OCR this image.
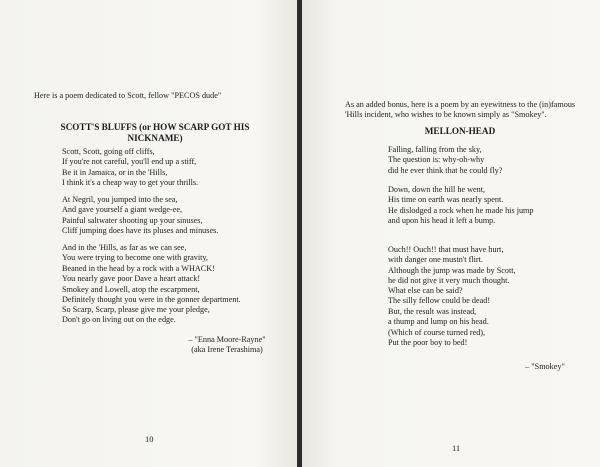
Here is a poem dedicated to Scott, fellow "PECOS dude"

SCOTT'S BLUFFS (or HOW SCARP GOT HIS NICKNAME)

Scott, Scott, going off cliffs,
If you're not careful, you'll end up a stiff,
Be it in Jamaica, or in the 'Hills,
I think it's a cheap way to get your thrills.
At Negril, you jumped into the sea,
And gave yourself a giant wedge-ee,
Painful saltwater shooting up your sinuses,
Cliff jumping does have its pluses and minuses.
And in the 'Hills, as far as we can see,
You were trying to become one with gravity,
Beaned in the head by a rock with a WHACK!
You nearly gave poor Dave a heart attack!
Smokey and Lowell, atop the escarpment,
Definitely thought you were in the gonner department.
So Scarp, Scarp, please give me your pledge,
Don't go on living out on the edge.
– "Enna Moore-Rayne"
(aka Irene Terashima)
10

As an added bonus, here is a poem by an eyewitness to the (in)famous 'Hills incident, who wishes to be known simply as "Smokey".

MELLON-HEAD

Falling, falling from the sky,
The question is: why-oh-why
did he ever think that he could fly?
Down, down the hill he went,
His time on earth was nearly spent.
He dislodged a rock when he made his jump
and upon his head it left a bump.
Ouch!! Ouch!! that must have hurt,
with danger one mustn't flirt.
Although the jump was made by Scott,
he did not give it very much thought.
What else can be said?
The silly fellow could be dead!
But, the result was instead,
a thump and lump on his head.
(Which of course turned red),
Put the poor boy to bed!
– "Smokey"
11
